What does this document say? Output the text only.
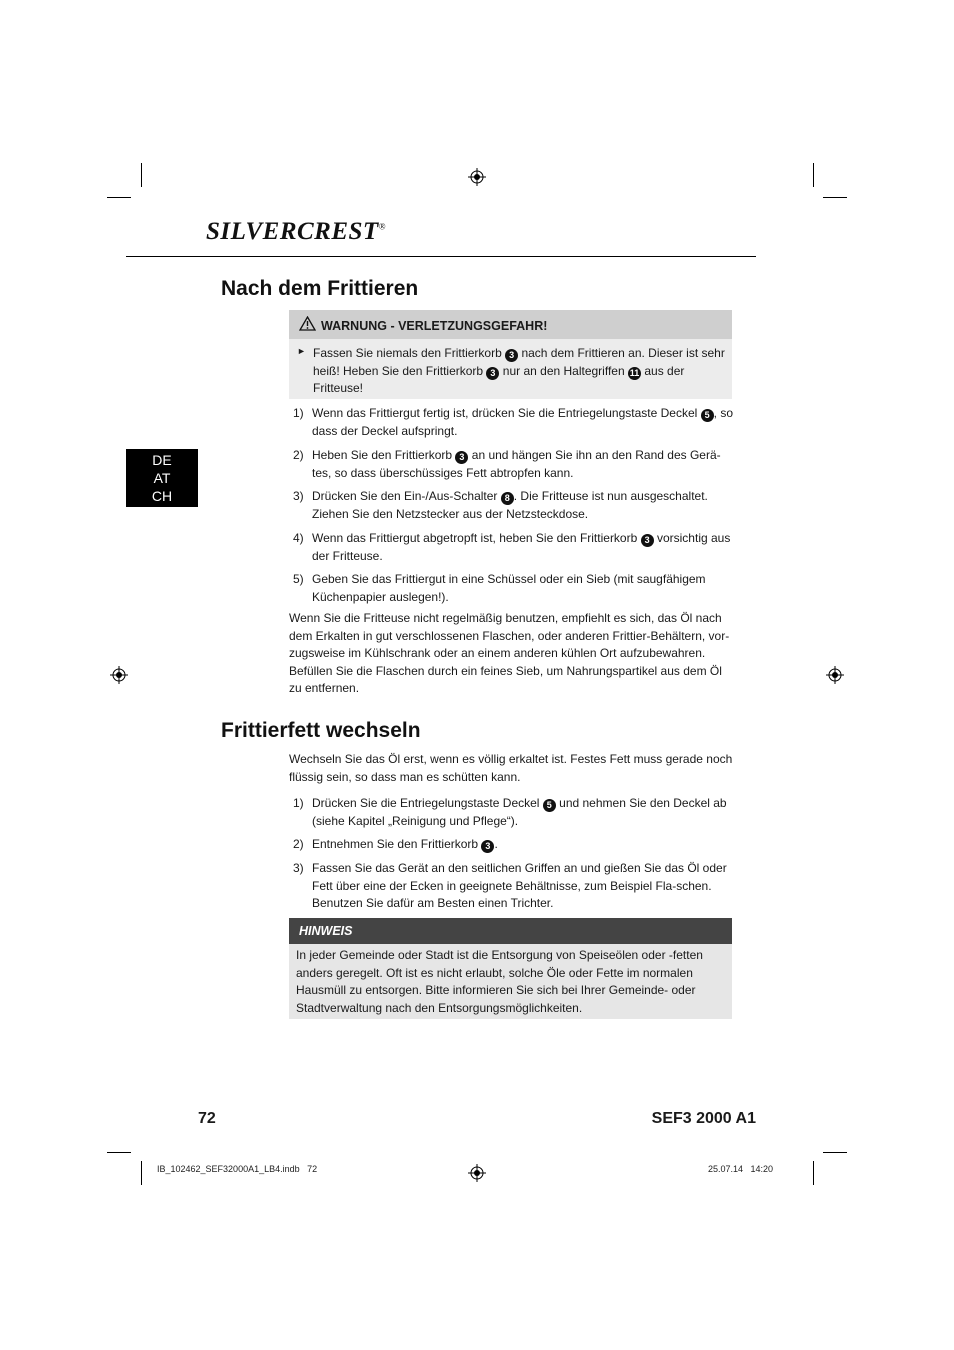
SILVERCREST®
Nach dem Frittieren
WARNUNG - VERLETZUNGSGEFAHR!
► Fassen Sie niemals den Frittierkorb 3 nach dem Frittieren an. Dieser ist sehr heiß! Heben Sie den Frittierkorb 3 nur an den Haltegriffen 11 aus der Fritteuse!
1) Wenn das Frittiergut fertig ist, drücken Sie die Entriegelungstaste Deckel 5 , so dass der Deckel aufspringt.
2) Heben Sie den Frittierkorb 3 an und hängen Sie ihn an den Rand des Gerä-tes, so dass überschüssiges Fett abtropfen kann.
3) Drücken Sie den Ein-/Aus-Schalter 8 . Die Fritteuse ist nun ausgeschaltet. Ziehen Sie den Netzstecker aus der Netzsteckdose.
4) Wenn das Frittiergut abgetropft ist, heben Sie den Frittierkorb 3 vorsichtig aus der Fritteuse.
5) Geben Sie das Frittiergut in eine Schüssel oder ein Sieb (mit saugfähigem Küchenpapier auslegen!).
Wenn Sie die Fritteuse nicht regelmäßig benutzen, empfiehlt es sich, das Öl nach dem Erkalten in gut verschlossenen Flaschen, oder anderen Frittier-Behältern, vor-zugsweise im Kühlschrank oder an einem anderen kühlen Ort aufzubewahren. Befüllen Sie die Flaschen durch ein feines Sieb, um Nahrungspartikel aus dem Öl zu entfernen.
DE
AT
CH
Frittierfett wechseln
Wechseln Sie das Öl erst, wenn es völlig erkaltet ist. Festes Fett muss gerade noch flüssig sein, so dass man es schütten kann.
1) Drücken Sie die Entriegelungstaste Deckel 5 und nehmen Sie den Deckel ab (siehe Kapitel „Reinigung und Pflege“).
2) Entnehmen Sie den Frittierkorb 3 .
3) Fassen Sie das Gerät an den seitlichen Griffen an und gießen Sie das Öl oder Fett über eine der Ecken in geeignete Behältnisse, zum Beispiel Fla-schen. Benutzen Sie dafür am Besten einen Trichter.
HINWEIS
In jeder Gemeinde oder Stadt ist die Entsorgung von Speiseölen oder -fetten anders geregelt. Oft ist es nicht erlaubt, solche Öle oder Fette im normalen Hausmüll zu entsorgen. Bitte informieren Sie sich bei Ihrer Gemeinde- oder Stadtverwaltung nach den Entsorgungsmöglichkeiten.
72	SEF3 2000 A1
IB_102462_SEF32000A1_LB4.indb   72	25.07.14   14:20
